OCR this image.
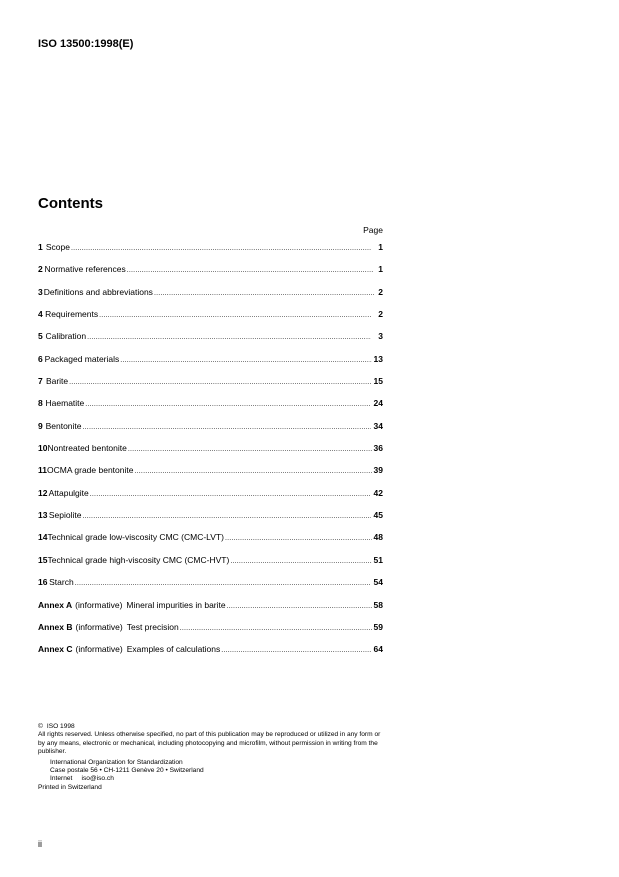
ISO 13500:1998(E)
Contents
Page
1 Scope .....	1
2 Normative references .....	1
3 Definitions and abbreviations .....	2
4 Requirements .....	2
5 Calibration .....	3
6 Packaged materials .....	13
7 Barite .....	15
8 Haematite .....	24
9 Bentonite .....	34
10 Nontreated bentonite .....	36
11 OCMA grade bentonite .....	39
12 Attapulgite .....	42
13 Sepiolite .....	45
14 Technical grade low-viscosity CMC (CMC-LVT) .....	48
15 Technical grade high-viscosity CMC (CMC-HVT) .....	51
16 Starch .....	54
Annex A (informative) Mineral impurities in barite .....	58
Annex B (informative) Test precision .....	59
Annex C (informative) Examples of calculations .....	64

© ISO 1998

All rights reserved. Unless otherwise specified, no part of this publication may be reproduced or utilized in any form or by any means, electronic or mechanical, including photocopying and microfilm, without permission in writing from the publisher.

International Organization for Standardization

Case postale 56 • CH-1211 Genève 20 • Switzerland

Internet     iso@iso.ch

Printed in Switzerland

ii
